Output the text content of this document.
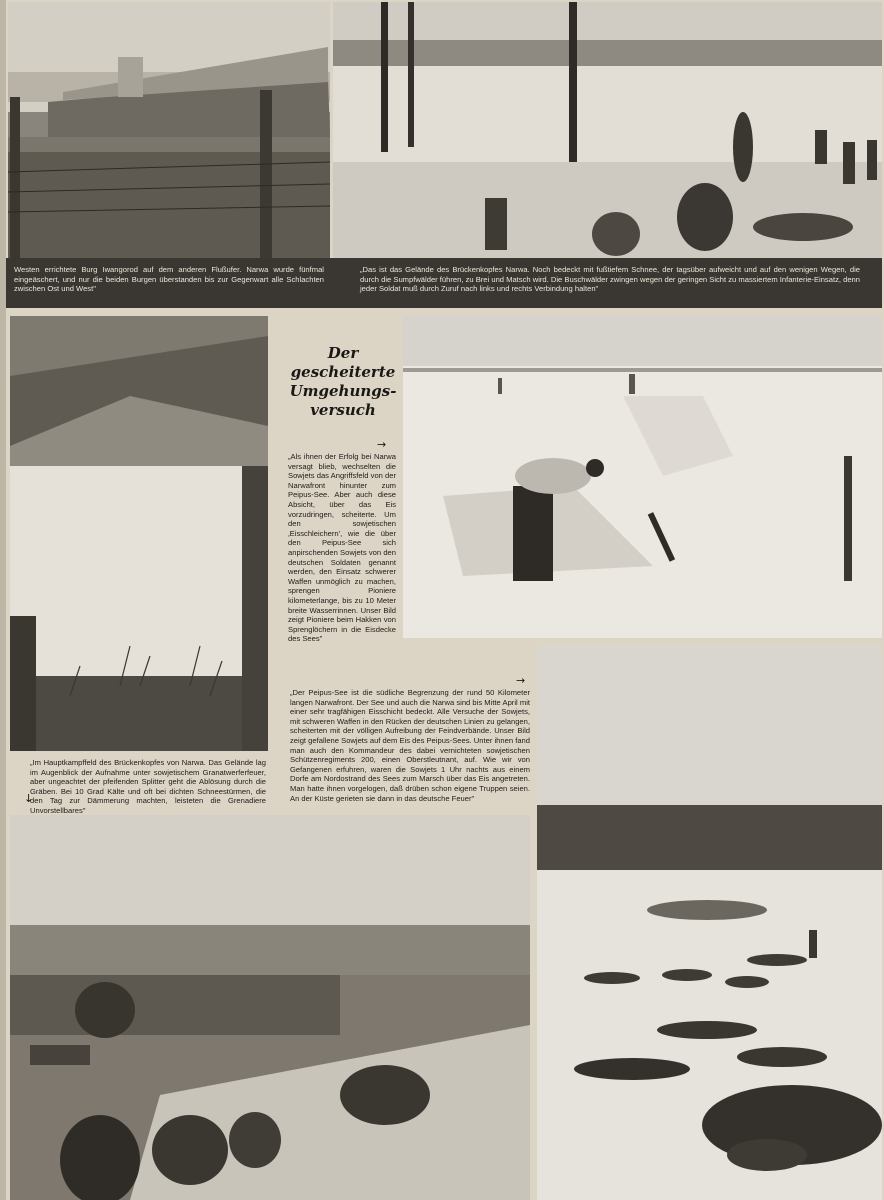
Westen errichtete Burg Iwangorod auf dem anderen Flußufer. Narwa wurde fünfmal eingeäschert, und nur die beiden Burgen überstanden bis zur Gegenwart alle Schlachten zwischen Ost und West"
„Das ist das Gelände des Brückenkopfes Narwa. Noch bedeckt mit fußtiefem Schnee, der tagsüber aufweicht und auf den wenigen Wegen, die durch die Sumpfwälder führen, zu Brei und Matsch wird. Die Buschwälder zwingen wegen der geringen Sicht zu massiertem Infanterie-Einsatz, denn jeder Soldat muß durch Zuruf nach links und rechts Verbindung halten"
Der
gescheiterte
Umgehungs-
versuch
→
„Als ihnen der Erfolg bei Narwa versagt blieb, wechselten die Sowjets das Angriffsfeld von der Narwafront hinunter zum Peipus-See. Aber auch diese Absicht, über das Eis vorzudringen, scheiterte. Um den sowjetischen ‚Eisschleichern', wie die über den Peipus-See sich anpirschenden Sowjets von den deutschen Soldaten genannt werden, den Einsatz schwerer Waffen unmöglich zu machen, sprengen Pioniere kilometerlange, bis zu 10 Meter breite Wasserrinnen. Unser Bild zeigt Pioniere beim Hakken von Sprenglöchern in die Eisdecke des Sees"
„Im Hauptkampffeld des Brückenkopfes von Narwa. Das Gelände lag im Augenblick der Aufnahme unter sowjetischem Granatwerferfeuer, aber ungeachtet der pfeifenden Splitter geht die Ablösung durch die Gräben. Bei 10 Grad Kälte und oft bei dichten Schneestürmen, die den Tag zur Dämmerung machten, leisteten die Grenadiere Unvorstellbares"
↓
→
„Der Peipus-See ist die südliche Begrenzung der rund 50 Kilometer langen Narwafront. Der See und auch die Narwa sind bis Mitte April mit einer sehr tragfähigen Eisschicht bedeckt. Alle Versuche der Sowjets, mit schweren Waffen in den Rücken der deutschen Linien zu gelangen, scheiterten mit der völligen Aufreibung der Feindverbände. Unser Bild zeigt gefallene Sowjets auf dem Eis des Peipus-Sees. Unter ihnen fand man auch den Kommandeur des dabei vernichteten sowjetischen Schützenregiments 200, einen Oberstleutnant, auf. Wie wir von Gefangenen erfuhren, waren die Sowjets 1 Uhr nachts aus einem Dorfe am Nordostrand des Sees zum Marsch über das Eis angetreten. Man hatte ihnen vorgelogen, daß drüben schon eigene Truppen seien. An der Küste gerieten sie dann in das deutsche Feuer"
